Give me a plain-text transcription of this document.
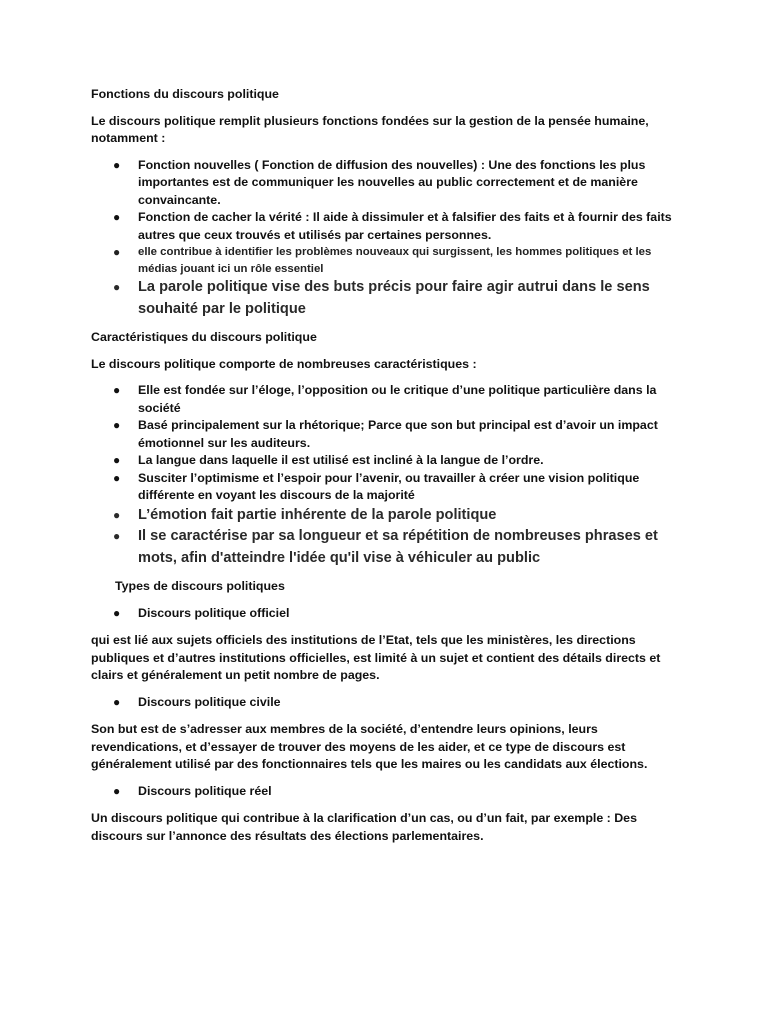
Fonctions du discours politique

Le discours politique remplit plusieurs fonctions fondées sur la gestion de la pensée humaine, notamment :

● Fonction nouvelles ( Fonction de diffusion des nouvelles) : Une des fonctions les plus importantes est de communiquer les nouvelles au public correctement et de manière convaincante.
● Fonction de cacher la vérité : Il aide à dissimuler et à falsifier des faits et à fournir des faits autres que ceux trouvés et utilisés par certaines personnes.
● elle contribue à identifier les problèmes nouveaux qui surgissent, les hommes politiques et les médias jouant ici un rôle essentiel
● La parole politique vise des buts précis pour faire agir autrui dans le sens souhaité par le politique

Caractéristiques du discours politique

Le discours politique comporte de nombreuses caractéristiques :

● Elle est fondée sur l’éloge, l’opposition ou le critique d’une politique particulière dans la société
● Basé principalement sur la rhétorique; Parce que son but principal est d’avoir un impact émotionnel sur les auditeurs.
● La langue dans laquelle il est utilisé est incliné à la langue de l’ordre.
● Susciter l’optimisme et l’espoir pour l’avenir, ou travailler à créer une vision politique différente en voyant les discours de la majorité
● L’émotion fait partie inhérente de la parole politique
● Il se caractérise par sa longueur et sa répétition de nombreuses phrases et mots, afin d'atteindre l'idée qu'il vise à véhiculer au public

Types de discours politiques

● Discours politique officiel

qui est lié aux sujets officiels des institutions de l’Etat, tels que les ministères, les directions publiques et d’autres institutions officielles, est limité à un sujet et contient des détails directs et clairs et généralement un petit nombre de pages.

● Discours politique civile

Son but est de s’adresser aux membres de la société, d’entendre leurs opinions, leurs revendications, et d’essayer de trouver des moyens de les aider, et ce type de discours est généralement utilisé par des fonctionnaires tels que les maires ou les candidats aux élections.

● Discours politique réel

Un discours politique qui contribue à la clarification d’un cas, ou d’un fait, par exemple : Des discours sur l’annonce des résultats des élections parlementaires.
